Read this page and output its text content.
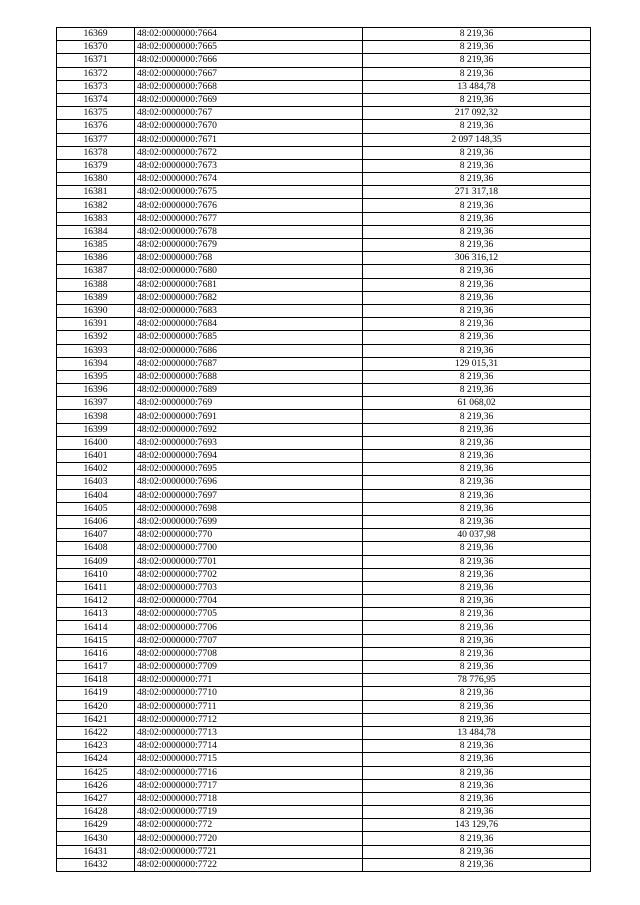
16369	48:02:0000000:7664	8 219,36
16370	48:02:0000000:7665	8 219,36
16371	48:02:0000000:7666	8 219,36
16372	48:02:0000000:7667	8 219,36
16373	48:02:0000000:7668	13 484,78
16374	48:02:0000000:7669	8 219,36
16375	48:02:0000000:767	217 092,32
16376	48:02:0000000:7670	8 219,36
16377	48:02:0000000:7671	2 097 148,35
16378	48:02:0000000:7672	8 219,36
16379	48:02:0000000:7673	8 219,36
16380	48:02:0000000:7674	8 219,36
16381	48:02:0000000:7675	271 317,18
16382	48:02:0000000:7676	8 219,36
16383	48:02:0000000:7677	8 219,36
16384	48:02:0000000:7678	8 219,36
16385	48:02:0000000:7679	8 219,36
16386	48:02:0000000:768	306 316,12
16387	48:02:0000000:7680	8 219,36
16388	48:02:0000000:7681	8 219,36
16389	48:02:0000000:7682	8 219,36
16390	48:02:0000000:7683	8 219,36
16391	48:02:0000000:7684	8 219,36
16392	48:02:0000000:7685	8 219,36
16393	48:02:0000000:7686	8 219,36
16394	48:02:0000000:7687	129 015,31
16395	48:02:0000000:7688	8 219,36
16396	48:02:0000000:7689	8 219,36
16397	48:02:0000000:769	61 068,02
16398	48:02:0000000:7691	8 219,36
16399	48:02:0000000:7692	8 219,36
16400	48:02:0000000:7693	8 219,36
16401	48:02:0000000:7694	8 219,36
16402	48:02:0000000:7695	8 219,36
16403	48:02:0000000:7696	8 219,36
16404	48:02:0000000:7697	8 219,36
16405	48:02:0000000:7698	8 219,36
16406	48:02:0000000:7699	8 219,36
16407	48:02:0000000:770	40 037,98
16408	48:02:0000000:7700	8 219,36
16409	48:02:0000000:7701	8 219,36
16410	48:02:0000000:7702	8 219,36
16411	48:02:0000000:7703	8 219,36
16412	48:02:0000000:7704	8 219,36
16413	48:02:0000000:7705	8 219,36
16414	48:02:0000000:7706	8 219,36
16415	48:02:0000000:7707	8 219,36
16416	48:02:0000000:7708	8 219,36
16417	48:02:0000000:7709	8 219,36
16418	48:02:0000000:771	78 776,95
16419	48:02:0000000:7710	8 219,36
16420	48:02:0000000:7711	8 219,36
16421	48:02:0000000:7712	8 219,36
16422	48:02:0000000:7713	13 484,78
16423	48:02:0000000:7714	8 219,36
16424	48:02:0000000:7715	8 219,36
16425	48:02:0000000:7716	8 219,36
16426	48:02:0000000:7717	8 219,36
16427	48:02:0000000:7718	8 219,36
16428	48:02:0000000:7719	8 219,36
16429	48:02:0000000:772	143 129,76
16430	48:02:0000000:7720	8 219,36
16431	48:02:0000000:7721	8 219,36
16432	48:02:0000000:7722	8 219,36
